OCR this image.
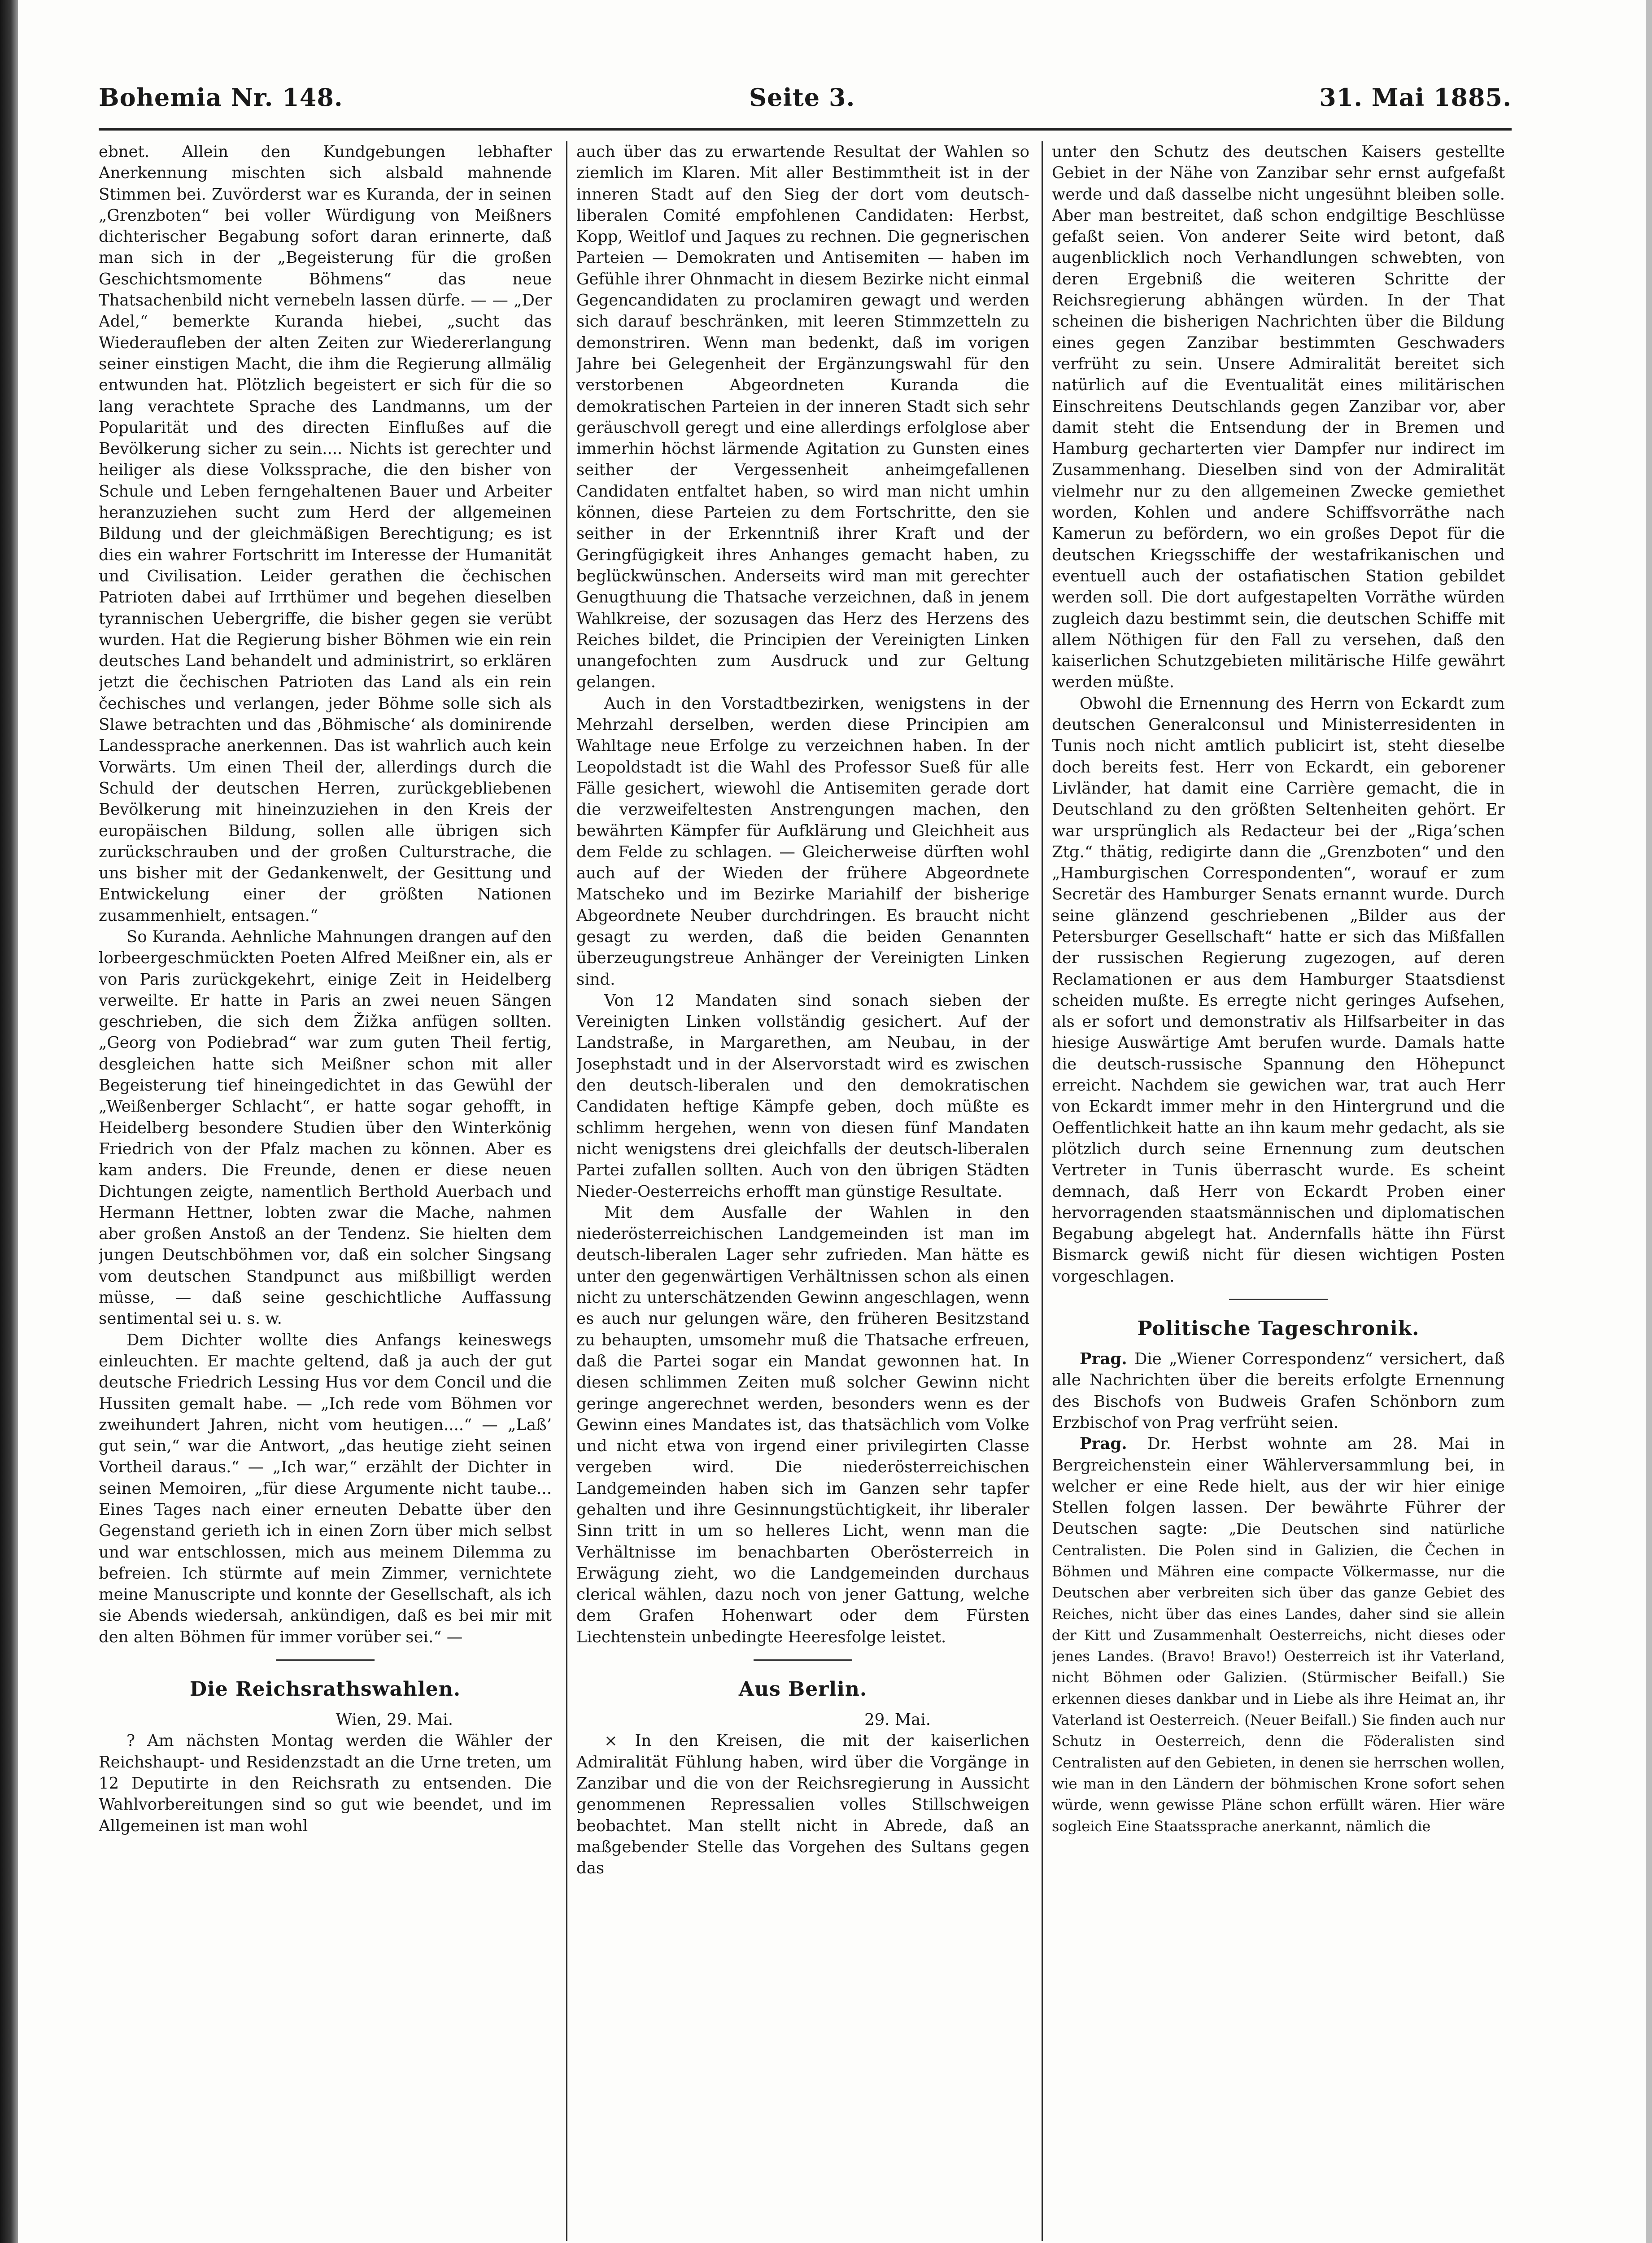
Bohemia Nr. 148.	Seite 3.	31. Mai 1885.

ebnet. Allein den Kundgebungen lebhafter Anerkennung mischten sich alsbald mahnende Stimmen bei. Zuvörderst war es Kuranda, der in seinen „Grenzboten“ bei voller Würdigung von Meißners dichterischer Begabung sofort daran erinnerte, daß man sich in der „Begeisterung für die großen Geschichtsmomente Böhmens“ das neue Thatsachenbild nicht vernebeln lassen dürfe. — — „Der Adel,“ bemerkte Kuranda hiebei, „sucht das Wiederaufleben der alten Zeiten zur Wiedererlangung seiner einstigen Macht, die ihm die Regierung allmälig entwunden hat. Plötzlich begeistert er sich für die so lang verachtete Sprache des Landmanns, um der Popularität und des directen Einflußes auf die Bevölkerung sicher zu sein.... Nichts ist gerechter und heiliger als diese Volkssprache, die den bisher von Schule und Leben ferngehaltenen Bauer und Arbeiter heranzuziehen sucht zum Herd der allgemeinen Bildung und der gleichmäßigen Berechtigung; es ist dies ein wahrer Fortschritt im Interesse der Humanität und Civilisation. Leider gerathen die čechischen Patrioten dabei auf Irrthümer und begehen dieselben tyrannischen Uebergriffe, die bisher gegen sie verübt wurden. Hat die Regierung bisher Böhmen wie ein rein deutsches Land behandelt und administrirt, so erklären jetzt die čechischen Patrioten das Land als ein rein čechisches und verlangen, jeder Böhme solle sich als Slawe betrachten und das ‚Böhmische‘ als dominirende Landessprache anerkennen. Das ist wahrlich auch kein Vorwärts. Um einen Theil der, allerdings durch die Schuld der deutschen Herren, zurückgebliebenen Bevölkerung mit hineinzuziehen in den Kreis der europäischen Bildung, sollen alle übrigen sich zurückschrauben und der großen Culturstrache, die uns bisher mit der Gedankenwelt, der Gesittung und Entwickelung einer der größten Nationen zusammenhielt, entsagen.“

So Kuranda. Aehnliche Mahnungen drangen auf den lorbeergeschmückten Poeten Alfred Meißner ein, als er von Paris zurückgekehrt, einige Zeit in Heidelberg verweilte. Er hatte in Paris an zwei neuen Sängen geschrieben, die sich dem Žižka anfügen sollten. „Georg von Podiebrad“ war zum guten Theil fertig, desgleichen hatte sich Meißner schon mit aller Begeisterung tief hineingedichtet in das Gewühl der „Weißenberger Schlacht“, er hatte sogar gehofft, in Heidelberg besondere Studien über den Winterkönig Friedrich von der Pfalz machen zu können. Aber es kam anders. Die Freunde, denen er diese neuen Dichtungen zeigte, namentlich Berthold Auerbach und Hermann Hettner, lobten zwar die Mache, nahmen aber großen Anstoß an der Tendenz. Sie hielten dem jungen Deutschböhmen vor, daß ein solcher Singsang vom deutschen Standpunct aus mißbilligt werden müsse, — daß seine geschichtliche Auffassung sentimental sei u. s. w.

Dem Dichter wollte dies Anfangs keineswegs einleuchten. Er machte geltend, daß ja auch der gut deutsche Friedrich Lessing Hus vor dem Concil und die Hussiten gemalt habe. — „Ich rede vom Böhmen vor zweihundert Jahren, nicht vom heutigen....“ — „Laß’ gut sein,“ war die Antwort, „das heutige zieht seinen Vortheil daraus.“ — „Ich war,“ erzählt der Dichter in seinen Memoiren, „für diese Argumente nicht taube... Eines Tages nach einer erneuten Debatte über den Gegenstand gerieth ich in einen Zorn über mich selbst und war entschlossen, mich aus meinem Dilemma zu befreien. Ich stürmte auf mein Zimmer, vernichtete meine Manuscripte und konnte der Gesellschaft, als ich sie Abends wiedersah, ankündigen, daß es bei mir mit den alten Böhmen für immer vorüber sei.“ —

Die Reichsrathswahlen.

Wien, 29. Mai.

? Am nächsten Montag werden die Wähler der Reichshaupt- und Residenzstadt an die Urne treten, um 12 Deputirte in den Reichsrath zu entsenden. Die Wahlvorbereitungen sind so gut wie beendet, und im Allgemeinen ist man wohl

auch über das zu erwartende Resultat der Wahlen so ziemlich im Klaren. Mit aller Bestimmtheit ist in der inneren Stadt auf den Sieg der dort vom deutsch-liberalen Comité empfohlenen Candidaten: Herbst, Kopp, Weitlof und Jaques zu rechnen. Die gegnerischen Parteien — Demokraten und Antisemiten — haben im Gefühle ihrer Ohnmacht in diesem Bezirke nicht einmal Gegencandidaten zu proclamiren gewagt und werden sich darauf beschränken, mit leeren Stimmzetteln zu demonstriren. Wenn man bedenkt, daß im vorigen Jahre bei Gelegenheit der Ergänzungswahl für den verstorbenen Abgeordneten Kuranda die demokratischen Parteien in der inneren Stadt sich sehr geräuschvoll geregt und eine allerdings erfolglose aber immerhin höchst lärmende Agitation zu Gunsten eines seither der Vergessenheit anheimgefallenen Candidaten entfaltet haben, so wird man nicht umhin können, diese Parteien zu dem Fortschritte, den sie seither in der Erkenntniß ihrer Kraft und der Geringfügigkeit ihres Anhanges gemacht haben, zu beglückwünschen. Anderseits wird man mit gerechter Genugthuung die Thatsache verzeichnen, daß in jenem Wahlkreise, der sozusagen das Herz des Herzens des Reiches bildet, die Principien der Vereinigten Linken unangefochten zum Ausdruck und zur Geltung gelangen.

Auch in den Vorstadtbezirken, wenigstens in der Mehrzahl derselben, werden diese Principien am Wahltage neue Erfolge zu verzeichnen haben. In der Leopoldstadt ist die Wahl des Professor Sueß für alle Fälle gesichert, wiewohl die Antisemiten gerade dort die verzweifeltesten Anstrengungen machen, den bewährten Kämpfer für Aufklärung und Gleichheit aus dem Felde zu schlagen. — Gleicherweise dürften wohl auch auf der Wieden der frühere Abgeordnete Matscheko und im Bezirke Mariahilf der bisherige Abgeordnete Neuber durchdringen. Es braucht nicht gesagt zu werden, daß die beiden Genannten überzeugungstreue Anhänger der Vereinigten Linken sind.

Von 12 Mandaten sind sonach sieben der Vereinigten Linken vollständig gesichert. Auf der Landstraße, in Margarethen, am Neubau, in der Josephstadt und in der Alservorstadt wird es zwischen den deutsch-liberalen und den demokratischen Candidaten heftige Kämpfe geben, doch müßte es schlimm hergehen, wenn von diesen fünf Mandaten nicht wenigstens drei gleichfalls der deutsch-liberalen Partei zufallen sollten. Auch von den übrigen Städten Nieder-Oesterreichs erhofft man günstige Resultate.

Mit dem Ausfalle der Wahlen in den niederösterreichischen Landgemeinden ist man im deutsch-liberalen Lager sehr zufrieden. Man hätte es unter den gegenwärtigen Verhältnissen schon als einen nicht zu unterschätzenden Gewinn angeschlagen, wenn es auch nur gelungen wäre, den früheren Besitzstand zu behaupten, umsomehr muß die Thatsache erfreuen, daß die Partei sogar ein Mandat gewonnen hat. In diesen schlimmen Zeiten muß solcher Gewinn nicht geringe angerechnet werden, besonders wenn es der Gewinn eines Mandates ist, das thatsächlich vom Volke und nicht etwa von irgend einer privilegirten Classe vergeben wird. Die niederösterreichischen Landgemeinden haben sich im Ganzen sehr tapfer gehalten und ihre Gesinnungstüchtigkeit, ihr liberaler Sinn tritt in um so helleres Licht, wenn man die Verhältnisse im benachbarten Oberösterreich in Erwägung zieht, wo die Landgemeinden durchaus clerical wählen, dazu noch von jener Gattung, welche dem Grafen Hohenwart oder dem Fürsten Liechtenstein unbedingte Heeresfolge leistet.

Aus Berlin.

29. Mai.

× In den Kreisen, die mit der kaiserlichen Admiralität Fühlung haben, wird über die Vorgänge in Zanzibar und die von der Reichsregierung in Aussicht genommenen Repressalien volles Stillschweigen beobachtet. Man stellt nicht in Abrede, daß an maßgebender Stelle das Vorgehen des Sultans gegen das

unter den Schutz des deutschen Kaisers gestellte Gebiet in der Nähe von Zanzibar sehr ernst aufgefaßt werde und daß dasselbe nicht ungesühnt bleiben solle. Aber man bestreitet, daß schon endgiltige Beschlüsse gefaßt seien. Von anderer Seite wird betont, daß augenblicklich noch Verhandlungen schwebten, von deren Ergebniß die weiteren Schritte der Reichsregierung abhängen würden. In der That scheinen die bisherigen Nachrichten über die Bildung eines gegen Zanzibar bestimmten Geschwaders verfrüht zu sein. Unsere Admiralität bereitet sich natürlich auf die Eventualität eines militärischen Einschreitens Deutschlands gegen Zanzibar vor, aber damit steht die Entsendung der in Bremen und Hamburg gecharterten vier Dampfer nur indirect im Zusammenhang. Dieselben sind von der Admiralität vielmehr nur zu den allgemeinen Zwecke gemiethet worden, Kohlen und andere Schiffsvorräthe nach Kamerun zu befördern, wo ein großes Depot für die deutschen Kriegsschiffe der westafrikanischen und eventuell auch der ostafiatischen Station gebildet werden soll. Die dort aufgestapelten Vorräthe würden zugleich dazu bestimmt sein, die deutschen Schiffe mit allem Nöthigen für den Fall zu versehen, daß den kaiserlichen Schutzgebieten militärische Hilfe gewährt werden müßte.

Obwohl die Ernennung des Herrn von Eckardt zum deutschen Generalconsul und Ministerresidenten in Tunis noch nicht amtlich publicirt ist, steht dieselbe doch bereits fest. Herr von Eckardt, ein geborener Livländer, hat damit eine Carrière gemacht, die in Deutschland zu den größten Seltenheiten gehört. Er war ursprünglich als Redacteur bei der „Riga’schen Ztg.“ thätig, redigirte dann die „Grenzboten“ und den „Hamburgischen Correspondenten“, worauf er zum Secretär des Hamburger Senats ernannt wurde. Durch seine glänzend geschriebenen „Bilder aus der Petersburger Gesellschaft“ hatte er sich das Mißfallen der russischen Regierung zugezogen, auf deren Reclamationen er aus dem Hamburger Staatsdienst scheiden mußte. Es erregte nicht geringes Aufsehen, als er sofort und demonstrativ als Hilfsarbeiter in das hiesige Auswärtige Amt berufen wurde. Damals hatte die deutsch-russische Spannung den Höhepunct erreicht. Nachdem sie gewichen war, trat auch Herr von Eckardt immer mehr in den Hintergrund und die Oeffentlichkeit hatte an ihn kaum mehr gedacht, als sie plötzlich durch seine Ernennung zum deutschen Vertreter in Tunis überrascht wurde. Es scheint demnach, daß Herr von Eckardt Proben einer hervorragenden staatsmännischen und diplomatischen Begabung abgelegt hat. Andernfalls hätte ihn Fürst Bismarck gewiß nicht für diesen wichtigen Posten vorgeschlagen.

Politische Tageschronik.

Prag. Die „Wiener Correspondenz“ versichert, daß alle Nachrichten über die bereits erfolgte Ernennung des Bischofs von Budweis Grafen Schönborn zum Erzbischof von Prag verfrüht seien.

Prag. Dr. Herbst wohnte am 28. Mai in Bergreichenstein einer Wählerversammlung bei, in welcher er eine Rede hielt, aus der wir hier einige Stellen folgen lassen. Der bewährte Führer der Deutschen sagte: „Die Deutschen sind natürliche Centralisten. Die Polen sind in Galizien, die Čechen in Böhmen und Mähren eine compacte Völkermasse, nur die Deutschen aber verbreiten sich über das ganze Gebiet des Reiches, nicht über das eines Landes, daher sind sie allein der Kitt und Zusammenhalt Oesterreichs, nicht dieses oder jenes Landes. (Bravo! Bravo!) Oesterreich ist ihr Vaterland, nicht Böhmen oder Galizien. (Stürmischer Beifall.) Sie erkennen dieses dankbar und in Liebe als ihre Heimat an, ihr Vaterland ist Oesterreich. (Neuer Beifall.) Sie finden auch nur Schutz in Oesterreich, denn die Föderalisten sind Centralisten auf den Gebieten, in denen sie herrschen wollen, wie man in den Ländern der böhmischen Krone sofort sehen würde, wenn gewisse Pläne schon erfüllt wären. Hier wäre sogleich Eine Staatssprache anerkannt, nämlich die
